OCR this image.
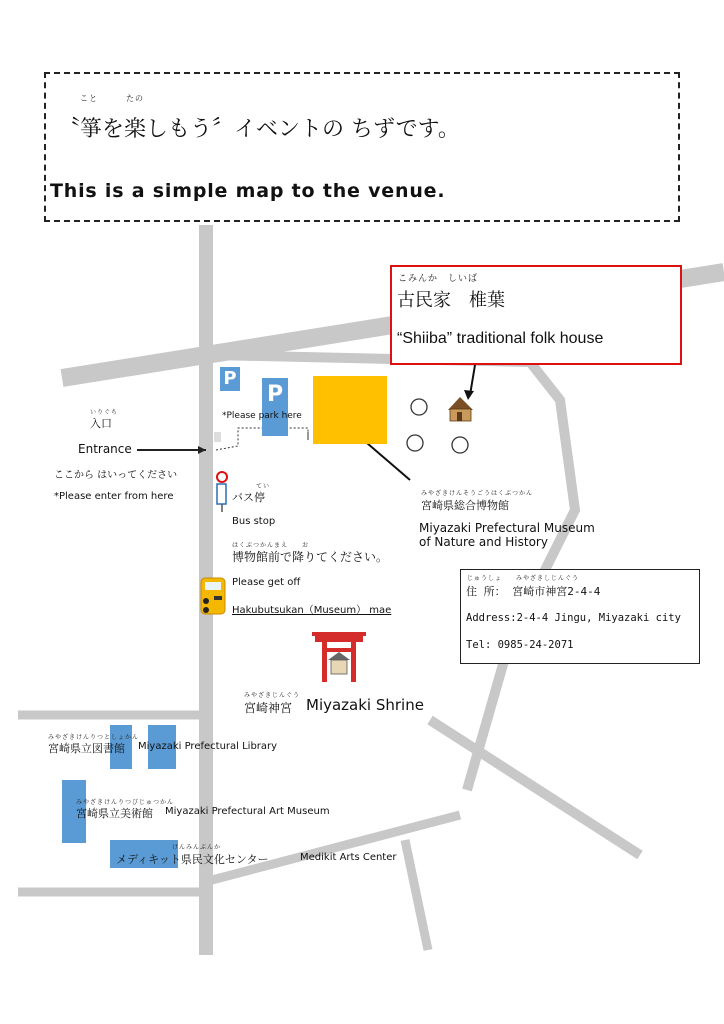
こと	たの
〝箏を楽しもう〞イベントの ちずです。
This is a simple map to the venue.
P
P
*Please park here
こみんか　しいば
古民家　椎葉
“Shiiba” traditional folk house
いりぐち
入口
Entrance
ここから はいってください
*Please enter from here
てい
バス停
Bus stop
はくぶつかんまえ　　お
博物館前で降りてください。
Please get off
Hakubutsukan（Museum） mae
みやざきけんそうごうはくぶつかん
宮崎県総合博物館
Miyazaki Prefectural Museum
of Nature and History
じゅうしょ　　みやざきしじんぐう
住 所： 宮崎市神宮2-4-4
Address:2-4-4 Jingu, Miyazaki city
Tel: 0985-24-2071
みやざきじんぐう
宮崎神宮 Miyazaki Shrine
みやざきけんりつとしょかん
宮崎県立図書館 Miyazaki Prefectural Library
みやざきけんりつびじゅつかん
宮崎県立美術館 Miyazaki Prefectural Art Museum
けんみんぶんか
メディキット県民文化センター	Medikit Arts Center
